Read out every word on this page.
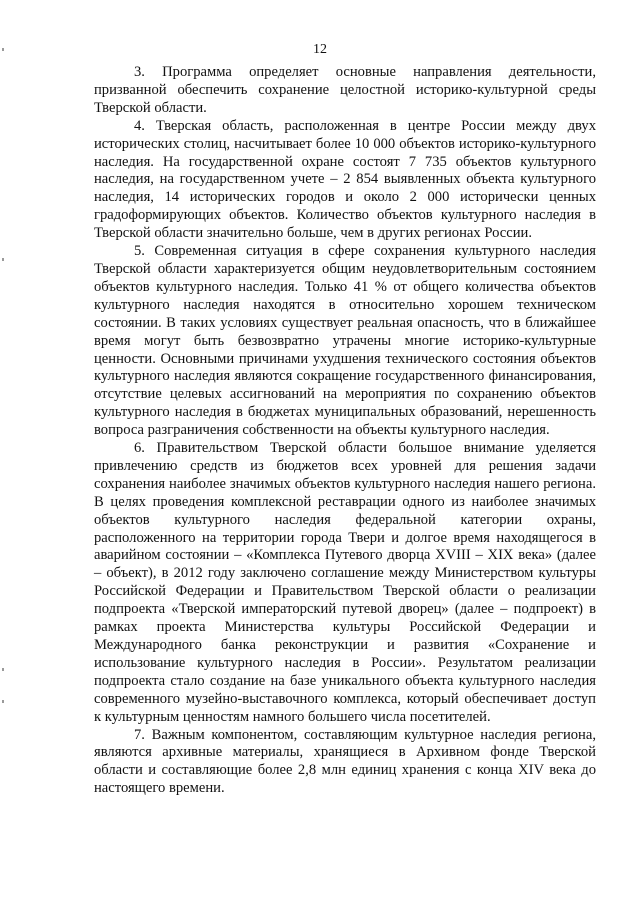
12

3. Программа определяет основные направления деятельности, призванной обеспечить сохранение целостной историко-культурной среды Тверской области.

4. Тверская область, расположенная в центре России между двух исторических столиц, насчитывает более 10 000 объектов историко-культурного наследия. На государственной охране состоят 7 735 объектов культурного наследия, на государственном учете – 2 854 выявленных объекта культурного наследия, 14 исторических городов и около 2 000 исторически ценных градоформирующих объектов. Количество объектов культурного наследия в Тверской области значительно больше, чем в других регионах России.

5. Современная ситуация в сфере сохранения культурного наследия Тверской области характеризуется общим неудовлетворительным состоянием объектов культурного наследия. Только 41 % от общего количества объектов культурного наследия находятся в относительно хорошем техническом состоянии. В таких условиях существует реальная опасность, что в ближайшее время могут быть безвозвратно утрачены многие историко-культурные ценности. Основными причинами ухудшения технического состояния объектов культурного наследия являются сокращение государственного финансирования, отсутствие целевых ассигнований на мероприятия по сохранению объектов культурного наследия в бюджетах муниципальных образований, нерешенность вопроса разграничения собственности на объекты культурного наследия.

6. Правительством Тверской области большое внимание уделяется привлечению средств из бюджетов всех уровней для решения задачи сохранения наиболее значимых объектов культурного наследия нашего региона. В целях проведения комплексной реставрации одного из наиболее значимых объектов культурного наследия федеральной категории охраны, расположенного на территории города Твери и долгое время находящегося в аварийном состоянии – «Комплекса Путевого дворца XVIII – XIX века» (далее – объект), в 2012 году заключено соглашение между Министерством культуры Российской Федерации и Правительством Тверской области о реализации подпроекта «Тверской императорский путевой дворец» (далее – подпроект) в рамках проекта Министерства культуры Российской Федерации и Международного банка реконструкции и развития «Сохранение и использование культурного наследия в России». Результатом реализации подпроекта стало создание на базе уникального объекта культурного наследия современного музейно-выставочного комплекса, который обеспечивает доступ к культурным ценностям намного большего числа посетителей.

7. Важным компонентом, составляющим культурное наследия региона, являются архивные материалы, хранящиеся в Архивном фонде Тверской области и составляющие более 2,8 млн единиц хранения с конца XIV века до настоящего времени.
